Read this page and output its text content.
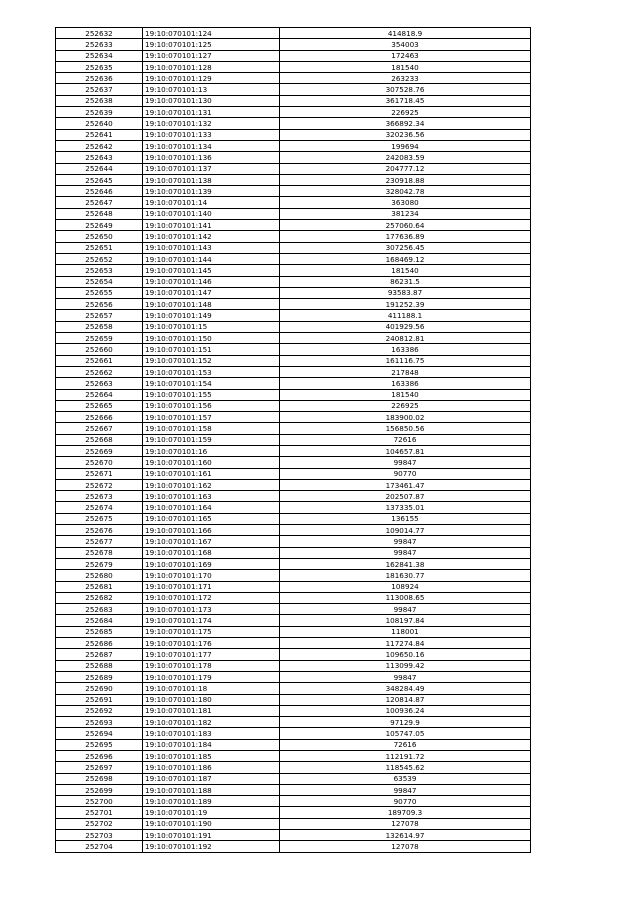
252632	19:10:070101:124	414818.9
252633	19:10:070101:125	354003
252634	19:10:070101:127	172463
252635	19:10:070101:128	181540
252636	19:10:070101:129	263233
252637	19:10:070101:13	307528.76
252638	19:10:070101:130	361718.45
252639	19:10:070101:131	226925
252640	19:10:070101:132	366892.34
252641	19:10:070101:133	320236.56
252642	19:10:070101:134	199694
252643	19:10:070101:136	242083.59
252644	19:10:070101:137	204777.12
252645	19:10:070101:138	230918.88
252646	19:10:070101:139	328042.78
252647	19:10:070101:14	363080
252648	19:10:070101:140	381234
252649	19:10:070101:141	257060.64
252650	19:10:070101:142	177636.89
252651	19:10:070101:143	307256.45
252652	19:10:070101:144	168469.12
252653	19:10:070101:145	181540
252654	19:10:070101:146	86231.5
252655	19:10:070101:147	93583.87
252656	19:10:070101:148	191252.39
252657	19:10:070101:149	411188.1
252658	19:10:070101:15	401929.56
252659	19:10:070101:150	240812.81
252660	19:10:070101:151	163386
252661	19:10:070101:152	161116.75
252662	19:10:070101:153	217848
252663	19:10:070101:154	163386
252664	19:10:070101:155	181540
252665	19:10:070101:156	226925
252666	19:10:070101:157	183900.02
252667	19:10:070101:158	156850.56
252668	19:10:070101:159	72616
252669	19:10:070101:16	104657.81
252670	19:10:070101:160	99847
252671	19:10:070101:161	90770
252672	19:10:070101:162	173461.47
252673	19:10:070101:163	202507.87
252674	19:10:070101:164	137335.01
252675	19:10:070101:165	136155
252676	19:10:070101:166	109014.77
252677	19:10:070101:167	99847
252678	19:10:070101:168	99847
252679	19:10:070101:169	162841.38
252680	19:10:070101:170	181630.77
252681	19:10:070101:171	108924
252682	19:10:070101:172	113008.65
252683	19:10:070101:173	99847
252684	19:10:070101:174	108197.84
252685	19:10:070101:175	118001
252686	19:10:070101:176	117274.84
252687	19:10:070101:177	109650.16
252688	19:10:070101:178	113099.42
252689	19:10:070101:179	99847
252690	19:10:070101:18	348284.49
252691	19:10:070101:180	120814.87
252692	19:10:070101:181	100936.24
252693	19:10:070101:182	97129.9
252694	19:10:070101:183	105747.05
252695	19:10:070101:184	72616
252696	19:10:070101:185	112191.72
252697	19:10:070101:186	118545.62
252698	19:10:070101:187	63539
252699	19:10:070101:188	99847
252700	19:10:070101:189	90770
252701	19:10:070101:19	189709.3
252702	19:10:070101:190	127078
252703	19:10:070101:191	132614.97
252704	19:10:070101:192	127078
